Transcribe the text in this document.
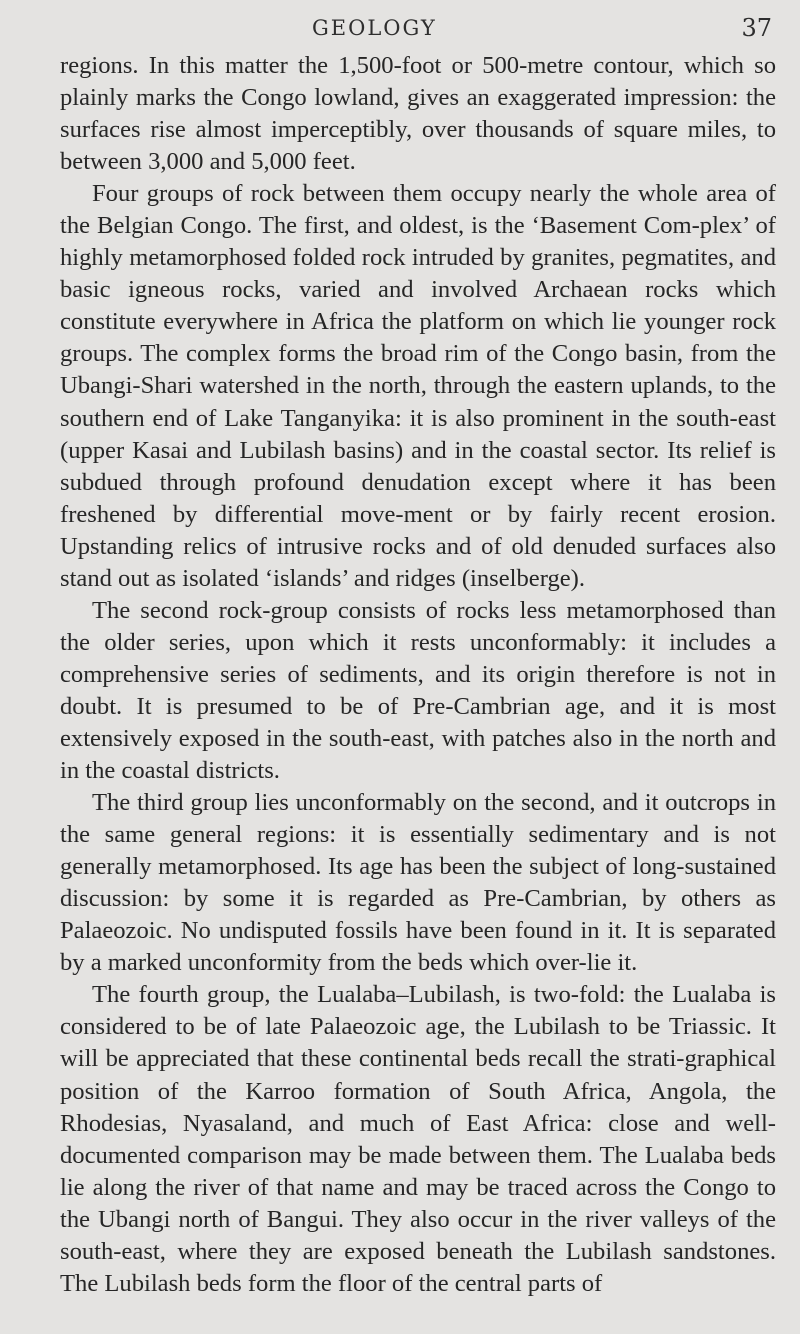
GEOLOGY	37

regions. In this matter the 1,500-foot or 500-metre contour, which so plainly marks the Congo lowland, gives an exaggerated impression: the surfaces rise almost imperceptibly, over thousands of square miles, to between 3,000 and 5,000 feet.

Four groups of rock between them occupy nearly the whole area of the Belgian Congo. The first, and oldest, is the ‘Basement Com-plex’ of highly metamorphosed folded rock intruded by granites, pegmatites, and basic igneous rocks, varied and involved Archaean rocks which constitute everywhere in Africa the platform on which lie younger rock groups. The complex forms the broad rim of the Congo basin, from the Ubangi-Shari watershed in the north, through the eastern uplands, to the southern end of Lake Tanganyika: it is also prominent in the south-east (upper Kasai and Lubilash basins) and in the coastal sector. Its relief is subdued through profound denudation except where it has been freshened by differential move-ment or by fairly recent erosion. Upstanding relics of intrusive rocks and of old denuded surfaces also stand out as isolated ‘islands’ and ridges (inselberge).

The second rock-group consists of rocks less metamorphosed than the older series, upon which it rests unconformably: it includes a comprehensive series of sediments, and its origin therefore is not in doubt. It is presumed to be of Pre-Cambrian age, and it is most extensively exposed in the south-east, with patches also in the north and in the coastal districts.

The third group lies unconformably on the second, and it outcrops in the same general regions: it is essentially sedimentary and is not generally metamorphosed. Its age has been the subject of long-sustained discussion: by some it is regarded as Pre-Cambrian, by others as Palaeozoic. No undisputed fossils have been found in it. It is separated by a marked unconformity from the beds which over-lie it.

The fourth group, the Lualaba–Lubilash, is two-fold: the Lualaba is considered to be of late Palaeozoic age, the Lubilash to be Triassic. It will be appreciated that these continental beds recall the strati-graphical position of the Karroo formation of South Africa, Angola, the Rhodesias, Nyasaland, and much of East Africa: close and well-documented comparison may be made between them. The Lualaba beds lie along the river of that name and may be traced across the Congo to the Ubangi north of Bangui. They also occur in the river valleys of the south-east, where they are exposed beneath the Lubilash sandstones. The Lubilash beds form the floor of the central parts of
